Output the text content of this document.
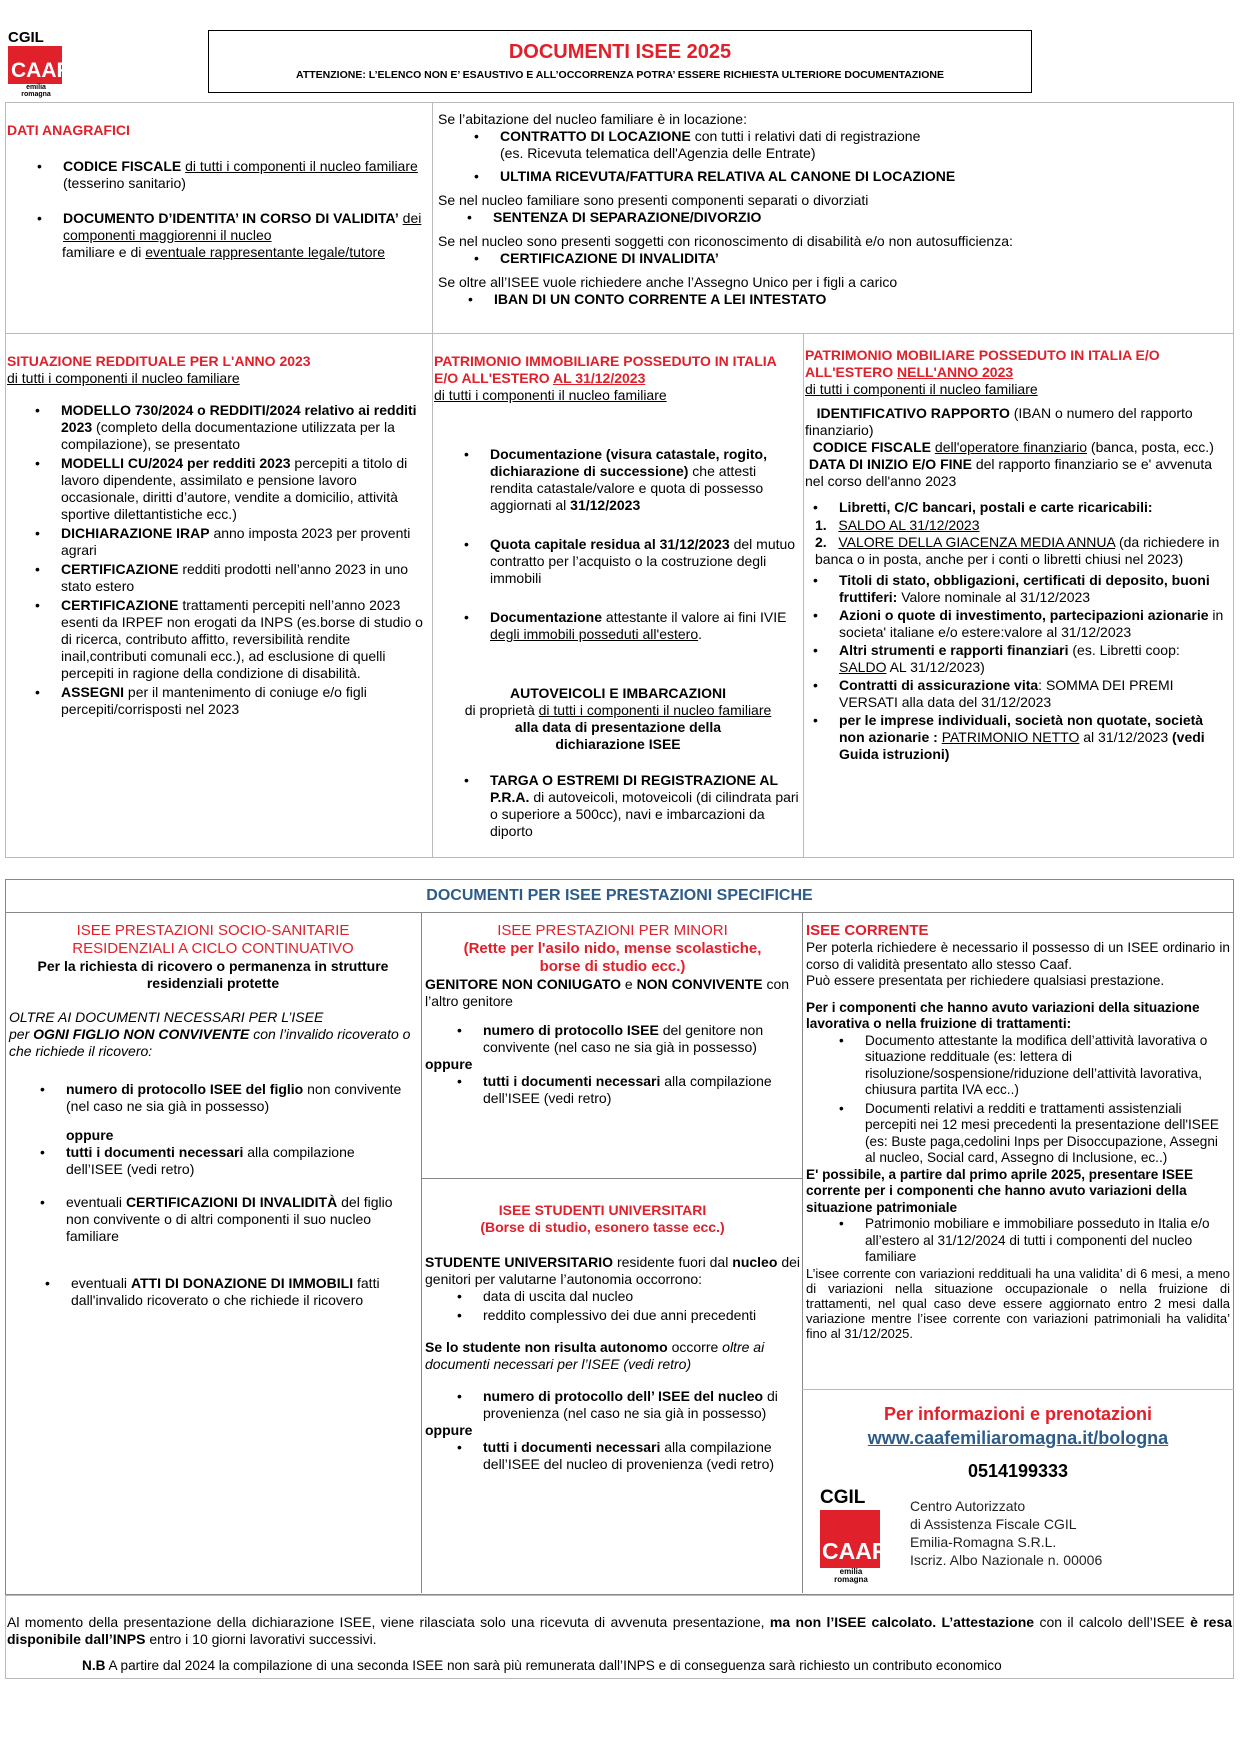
CGIL
CAAF
emilia romagna
DOCUMENTI ISEE 2025
ATTENZIONE: L’ELENCO NON E’ ESAUSTIVO E ALL’OCCORRENZA POTRA’ ESSERE RICHIESTA ULTERIORE DOCUMENTAZIONE

DATI ANAGRAFICI

• CODICE FISCALE di tutti i componenti il nucleo familiare (tesserino sanitario)
• DOCUMENTO D’IDENTITA’ IN CORSO DI VALIDITA’ dei componenti maggiorenni il nucleo

familiare e di eventuale rappresentante legale/tutore

Se l’abitazione del nucleo familiare è in locazione:

• CONTRATTO DI LOCAZIONE con tutti i relativi dati di registrazione
(es. Ricevuta telematica dell'Agenzia delle Entrate)
• ULTIMA RICEVUTA/FATTURA RELATIVA AL CANONE DI LOCAZIONE

Se nel nucleo familiare sono presenti componenti separati o divorziati

• SENTENZA DI SEPARAZIONE/DIVORZIO

Se nel nucleo sono presenti soggetti con riconoscimento di disabilità e/o non autosufficienza:

• CERTIFICAZIONE DI INVALIDITA’

Se oltre all’ISEE vuole richiedere anche l’Assegno Unico per i figli a carico

• IBAN DI UN CONTO CORRENTE A LEI INTESTATO

SITUAZIONE REDDITUALE PER L'ANNO 2023

di tutti i componenti il nucleo familiare

• MODELLO 730/2024 o REDDITI/2024 relativo ai redditi 2023 (completo della documentazione utilizzata per la compilazione), se presentato
• MODELLI CU/2024 per redditi 2023 percepiti a titolo di lavoro dipendente, assimilato e pensione lavoro occasionale, diritti d’autore, vendite a domicilio, attività sportive dilettantistiche ecc.)
• DICHIARAZIONE IRAP anno imposta 2023 per proventi agrari
• CERTIFICAZIONE redditi prodotti nell’anno 2023 in uno stato estero
• CERTIFICAZIONE trattamenti percepiti nell’anno 2023 esenti da IRPEF non erogati da INPS (es.borse di studio o di ricerca, contributo affitto, reversibilità rendite inail,contributi comunali ecc.), ad esclusione di quelli percepiti in ragione della condizione di disabilità.
• ASSEGNI per il mantenimento di coniuge e/o figli percepiti/corrisposti nel 2023

PATRIMONIO IMMOBILIARE POSSEDUTO IN ITALIA E/O ALL'ESTERO AL 31/12/2023

di tutti i componenti il nucleo familiare

• Documentazione (visura catastale, rogito, dichiarazione di successione) che attesti rendita catastale/valore e quota di possesso aggiornati al 31/12/2023
• Quota capitale residua al 31/12/2023 del mutuo contratto per l’acquisto o la costruzione degli immobili
• Documentazione attestante il valore ai fini IVIE degli immobili posseduti all'estero.

AUTOVEICOLI E IMBARCAZIONI

di proprietà di tutti i componenti il nucleo familiare

alla data di presentazione della dichiarazione ISEE

• TARGA O ESTREMI DI REGISTRAZIONE AL P.R.A. di autoveicoli, motoveicoli (di cilindrata pari o superiore a 500cc), navi e imbarcazioni da diporto

PATRIMONIO MOBILIARE POSSEDUTO IN ITALIA E/O ALL'ESTERO NELL'ANNO 2023

di tutti i componenti il nucleo familiare

IDENTIFICATIVO RAPPORTO (IBAN o numero del rapporto finanziario)

CODICE FISCALE dell'operatore finanziario (banca, posta, ecc.)

DATA DI INIZIO E/O FINE del rapporto finanziario se e' avvenuta nel corso dell'anno 2023

• Libretti, C/C bancari, postali e carte ricaricabili:
1. SALDO AL 31/12/2023
2. VALORE DELLA GIACENZA MEDIA ANNUA (da richiedere in banca o in posta, anche per i conti o libretti chiusi nel 2023)
• Titoli di stato, obbligazioni, certificati di deposito, buoni fruttiferi: Valore nominale al 31/12/2023
• Azioni o quote di investimento, partecipazioni azionarie in societa' italiane e/o estere:valore al 31/12/2023
• Altri strumenti e rapporti finanziari (es. Libretti coop: SALDO AL 31/12/2023)
• Contratti di assicurazione vita: SOMMA DEI PREMI VERSATI alla data del 31/12/2023
• per le imprese individuali, società non quotate, società non azionarie : PATRIMONIO NETTO al 31/12/2023 (vedi Guida istruzioni)
DOCUMENTI PER ISEE PRESTAZIONI SPECIFICHE

ISEE PRESTAZIONI SOCIO-SANITARIE

RESIDENZIALI A CICLO CONTINUATIVO

Per la richiesta di ricovero o permanenza in strutture residenziali protette

OLTRE AI DOCUMENTI NECESSARI PER L’ISEE

per OGNI FIGLIO NON CONVIVENTE con l’invalido ricoverato o che richiede il ricovero:

• numero di protocollo ISEE del figlio non convivente (nel caso ne sia già in possesso)

oppure

• tutti i documenti necessari alla compilazione dell’ISEE (vedi retro)
• eventuali CERTIFICAZIONI DI INVALIDITÀ del figlio non convivente o di altri componenti il suo nucleo familiare
• eventuali ATTI DI DONAZIONE DI IMMOBILI fatti dall'invalido ricoverato o che richiede il ricovero

ISEE PRESTAZIONI PER MINORI

(Rette per l'asilo nido, mense scolastiche, borse di studio ecc.)

GENITORE NON CONIUGATO e NON CONVIVENTE con l’altro genitore

• numero di protocollo ISEE del genitore non convivente (nel caso ne sia già in possesso)

oppure

• tutti i documenti necessari alla compilazione dell’ISEE (vedi retro)

ISEE STUDENTI UNIVERSITARI

(Borse di studio, esonero tasse ecc.)

STUDENTE UNIVERSITARIO residente fuori dal nucleo dei genitori per valutarne l’autonomia occorrono:

• data di uscita dal nucleo
• reddito complessivo dei due anni precedenti

Se lo studente non risulta autonomo occorre oltre ai documenti necessari per l’ISEE (vedi retro)

• numero di protocollo dell’ ISEE del nucleo di provenienza (nel caso ne sia già in possesso)

oppure

• tutti i documenti necessari alla compilazione dell’ISEE del nucleo di provenienza (vedi retro)

ISEE CORRENTE

Per poterla richiedere è necessario il possesso di un ISEE ordinario in corso di validità presentato allo stesso Caaf.

Può essere presentata per richiedere qualsiasi prestazione.

Per i componenti che hanno avuto variazioni della situazione lavorativa o nella fruizione di trattamenti:

• Documento attestante la modifica dell’attività lavorativa o situazione reddituale (es: lettera di risoluzione/sospensione/riduzione dell’attività lavorativa, chiusura partita IVA ecc..)
• Documenti relativi a redditi e trattamenti assistenziali percepiti nei 12 mesi precedenti la presentazione dell'ISEE (es: Buste paga,cedolini Inps per Disoccupazione, Assegni al nucleo, Social card, Assegno di Inclusione, ec..)

E' possibile, a partire dal primo aprile 2025, presentare ISEE corrente per i componenti che hanno avuto variazioni della situazione patrimoniale

• Patrimonio mobiliare e immobiliare posseduto in Italia e/o all’estero al 31/12/2024 di tutti i componenti del nucleo familiare

L’isee corrente con variazioni reddituali ha una validita’ di 6 mesi, a meno di variazioni nella situazione occupazionale o nella fruizione di trattamenti, nel qual caso deve essere aggiornato entro 2 mesi dalla variazione mentre l’isee corrente con variazioni patrimoniali ha validita’ fino al 31/12/2025.

Per informazioni e prenotazioni
www.caafemiliaromagna.it/bologna
0514199333
CGIL
CAAF
emilia romagna
Centro Autorizzato
di Assistenza Fiscale CGIL
Emilia-Romagna S.R.L.
Iscriz. Albo Nazionale n. 00006
Al momento della presentazione della dichiarazione ISEE, viene rilasciata solo una ricevuta di avvenuta presentazione, ma non l’ISEE calcolato. L’attestazione con il calcolo dell’ISEE è resa disponibile dall’INPS entro i 10 giorni lavorativi successivi.
N.B A partire dal 2024 la compilazione di una seconda ISEE non sarà più remunerata dall’INPS e di conseguenza sarà richiesto un contributo economico
